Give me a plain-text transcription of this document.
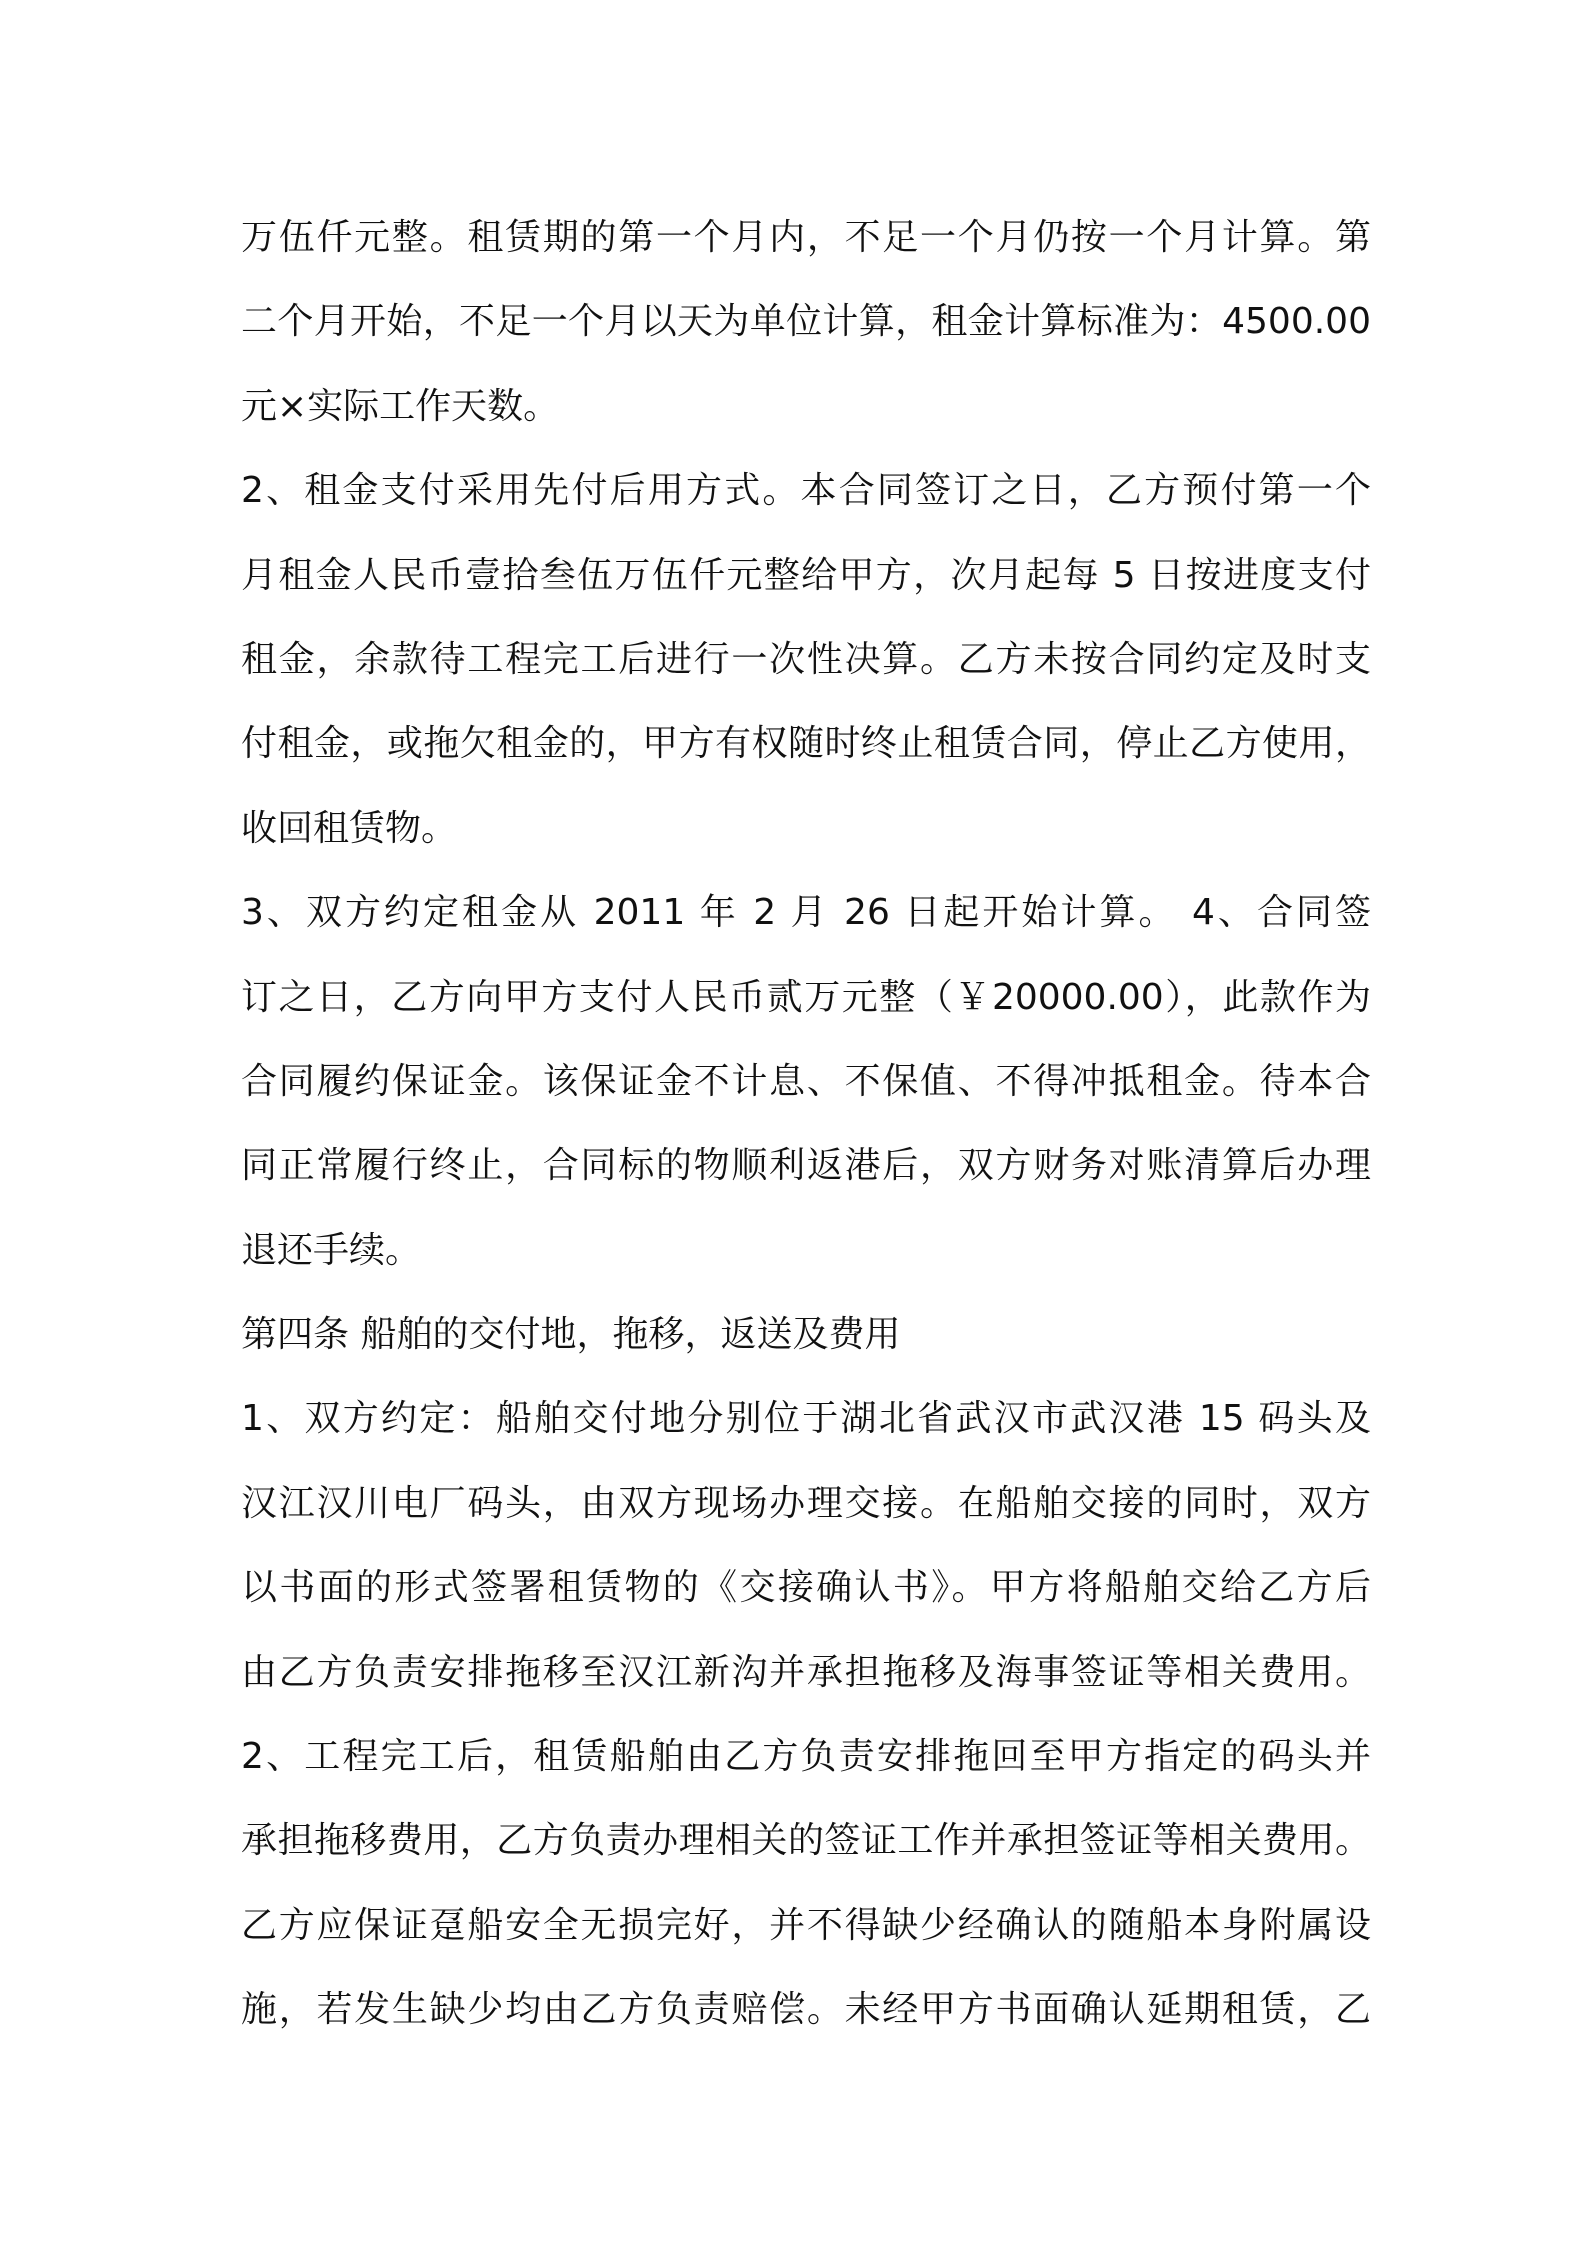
万伍仟元整。租赁期的第一个月内，不足一个月仍按一个月计算。第
二个月开始，不足一个月以天为单位计算，租金计算标准为：4500.00
元×实际工作天数。
2、租金支付采用先付后用方式。本合同签订之日，乙方预付第一个
月租金人民币壹拾叁伍万伍仟元整给甲方，次月起每 5 日按进度支付
租金，余款待工程完工后进行一次性决算。乙方未按合同约定及时支
付租金，或拖欠租金的，甲方有权随时终止租赁合同，停止乙方使用，
收回租赁物。
3、双方约定租金从 2011 年 2 月 26 日起开始计算。 4、合同签
订之日，乙方向甲方支付人民币贰万元整（￥20000.00），此款作为
合同履约保证金。该保证金不计息、不保值、不得冲抵租金。待本合
同正常履行终止，合同标的物顺利返港后，双方财务对账清算后办理
退还手续。
第四条 船舶的交付地，拖移，返送及费用
1、双方约定：船舶交付地分别位于湖北省武汉市武汉港 15 码头及
汉江汉川电厂码头，由双方现场办理交接。在船舶交接的同时，双方
以书面的形式签署租赁物的《交接确认书》。甲方将船舶交给乙方后
由乙方负责安排拖移至汉江新沟并承担拖移及海事签证等相关费用。
2、工程完工后，租赁船舶由乙方负责安排拖回至甲方指定的码头并
承担拖移费用，乙方负责办理相关的签证工作并承担签证等相关费用。
乙方应保证趸船安全无损完好，并不得缺少经确认的随船本身附属设
施，若发生缺少均由乙方负责赔偿。未经甲方书面确认延期租赁，乙
